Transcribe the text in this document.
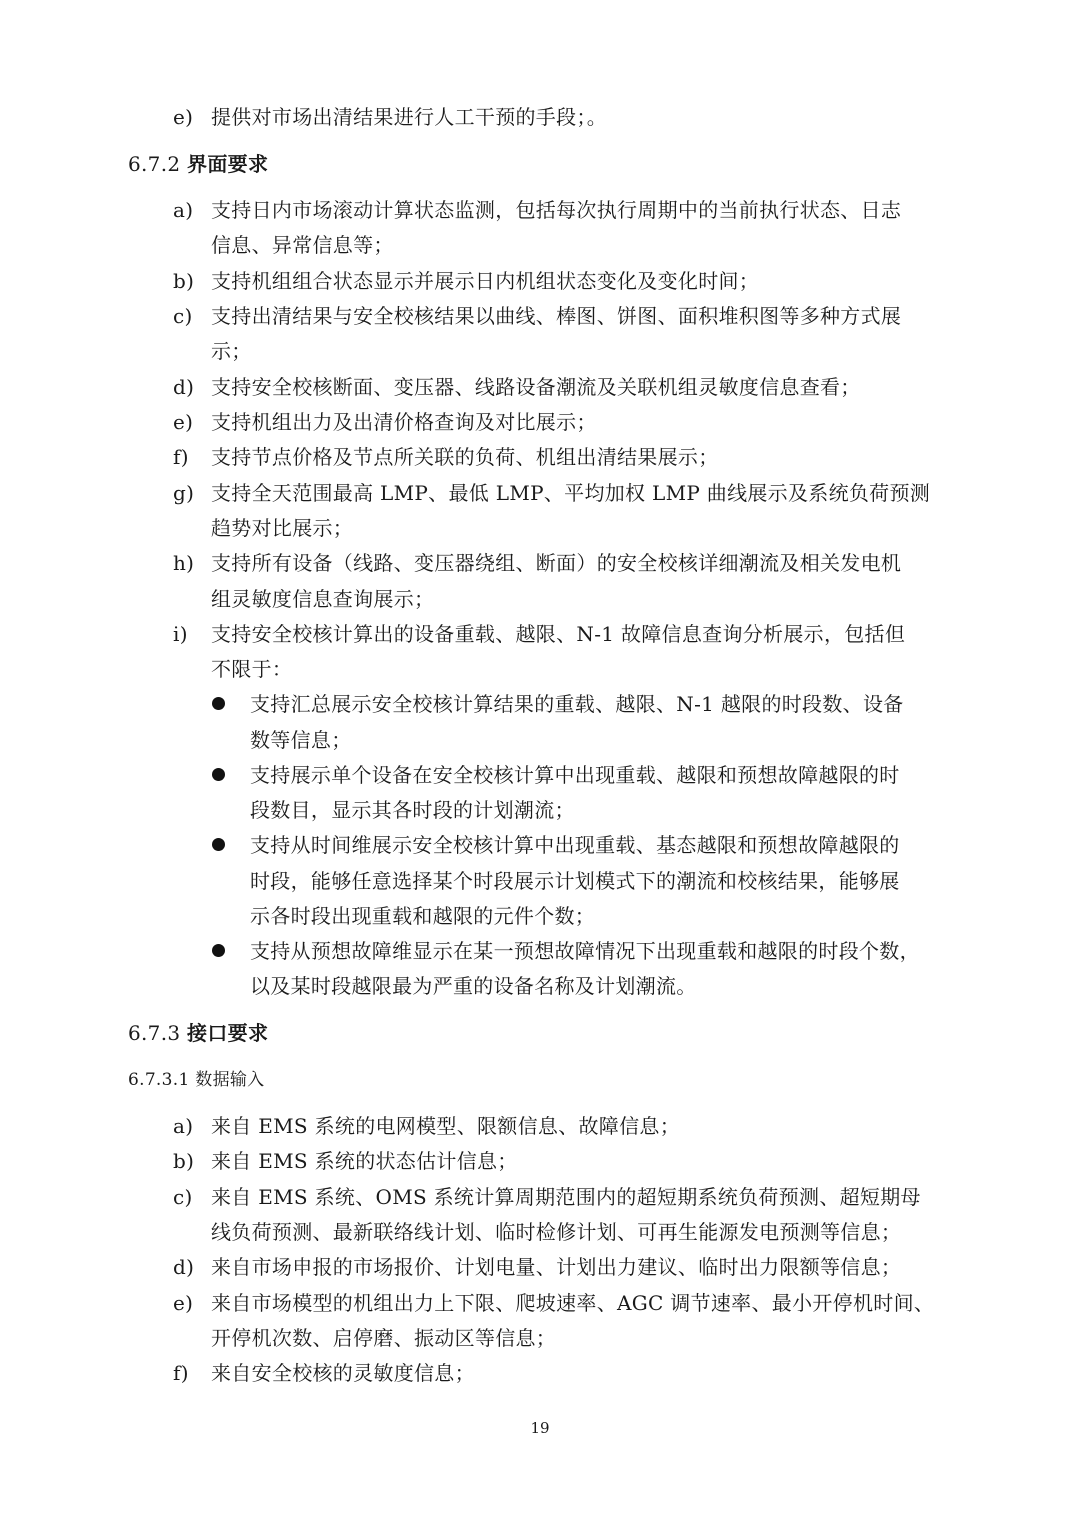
e) 提供对市场出清结果进行人工干预的手段；。
6.7.2 界面要求
a) 支持日内市场滚动计算状态监测，包括每次执行周期中的当前执行状态、日志
信息、异常信息等；
b) 支持机组组合状态显示并展示日内机组状态变化及变化时间；
c) 支持出清结果与安全校核结果以曲线、棒图、饼图、面积堆积图等多种方式展
示；
d) 支持安全校核断面、变压器、线路设备潮流及关联机组灵敏度信息查看；
e) 支持机组出力及出清价格查询及对比展示；
f) 支持节点价格及节点所关联的负荷、机组出清结果展示；
g) 支持全天范围最高 LMP、最低 LMP、平均加权 LMP 曲线展示及系统负荷预测
趋势对比展示；
h) 支持所有设备（线路、变压器绕组、断面）的安全校核详细潮流及相关发电机
组灵敏度信息查询展示；
i) 支持安全校核计算出的设备重载、越限、N-1 故障信息查询分析展示，包括但
不限于：
支持汇总展示安全校核计算结果的重载、越限、N-1 越限的时段数、设备
数等信息；
支持展示单个设备在安全校核计算中出现重载、越限和预想故障越限的时
段数目，显示其各时段的计划潮流；
支持从时间维展示安全校核计算中出现重载、基态越限和预想故障越限的
时段，能够任意选择某个时段展示计划模式下的潮流和校核结果，能够展
示各时段出现重载和越限的元件个数；
支持从预想故障维显示在某一预想故障情况下出现重载和越限的时段个数，
以及某时段越限最为严重的设备名称及计划潮流。
6.7.3 接口要求
6.7.3.1 数据输入
a) 来自 EMS 系统的电网模型、限额信息、故障信息；
b) 来自 EMS 系统的状态估计信息；
c) 来自 EMS 系统、OMS 系统计算周期范围内的超短期系统负荷预测、超短期母
线负荷预测、最新联络线计划、临时检修计划、可再生能源发电预测等信息；
d) 来自市场申报的市场报价、计划电量、计划出力建议、临时出力限额等信息；
e) 来自市场模型的机组出力上下限、爬坡速率、AGC 调节速率、最小开停机时间、
开停机次数、启停磨、振动区等信息；
f) 来自安全校核的灵敏度信息；
19
